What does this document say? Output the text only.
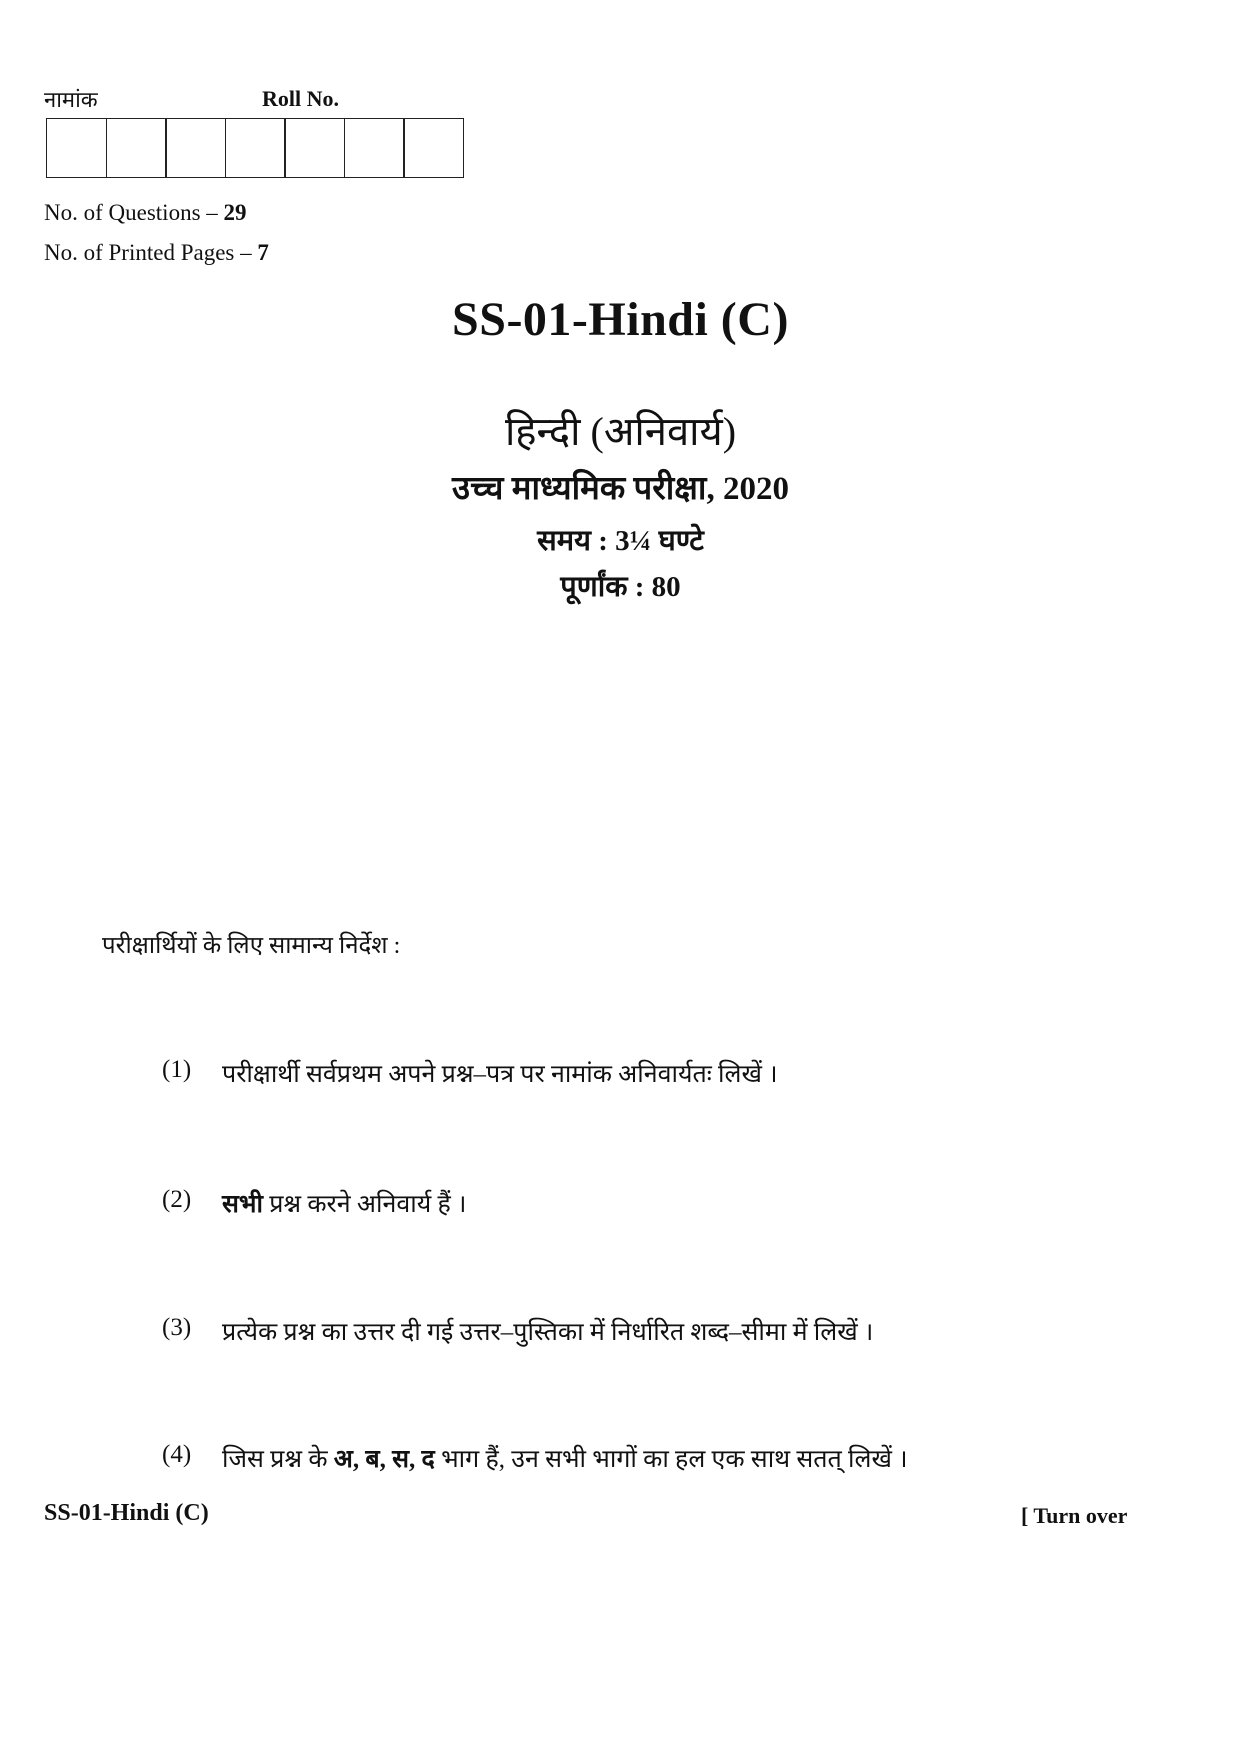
नामांक	Roll No.
No. of Questions – 29
No. of Printed Pages – 7
SS-01-Hindi (C)
हिन्दी (अनिवार्य)
उच्च माध्यमिक परीक्षा, 2020
समय : 3¼ घण्टे
पूर्णांक : 80
परीक्षार्थियों के लिए सामान्य निर्देश :
(1) परीक्षार्थी सर्वप्रथम अपने प्रश्न–पत्र पर नामांक अनिवार्यतः लिखें ।
(2) सभी प्रश्न करने अनिवार्य हैं ।
(3) प्रत्येक प्रश्न का उत्तर दी गई उत्तर–पुस्तिका में निर्धारित शब्द–सीमा में लिखें ।
(4) जिस प्रश्न के अ, ब, स, द भाग हैं, उन सभी भागों का हल एक साथ सतत् लिखें ।
SS-01-Hindi (C)	[ Turn over
